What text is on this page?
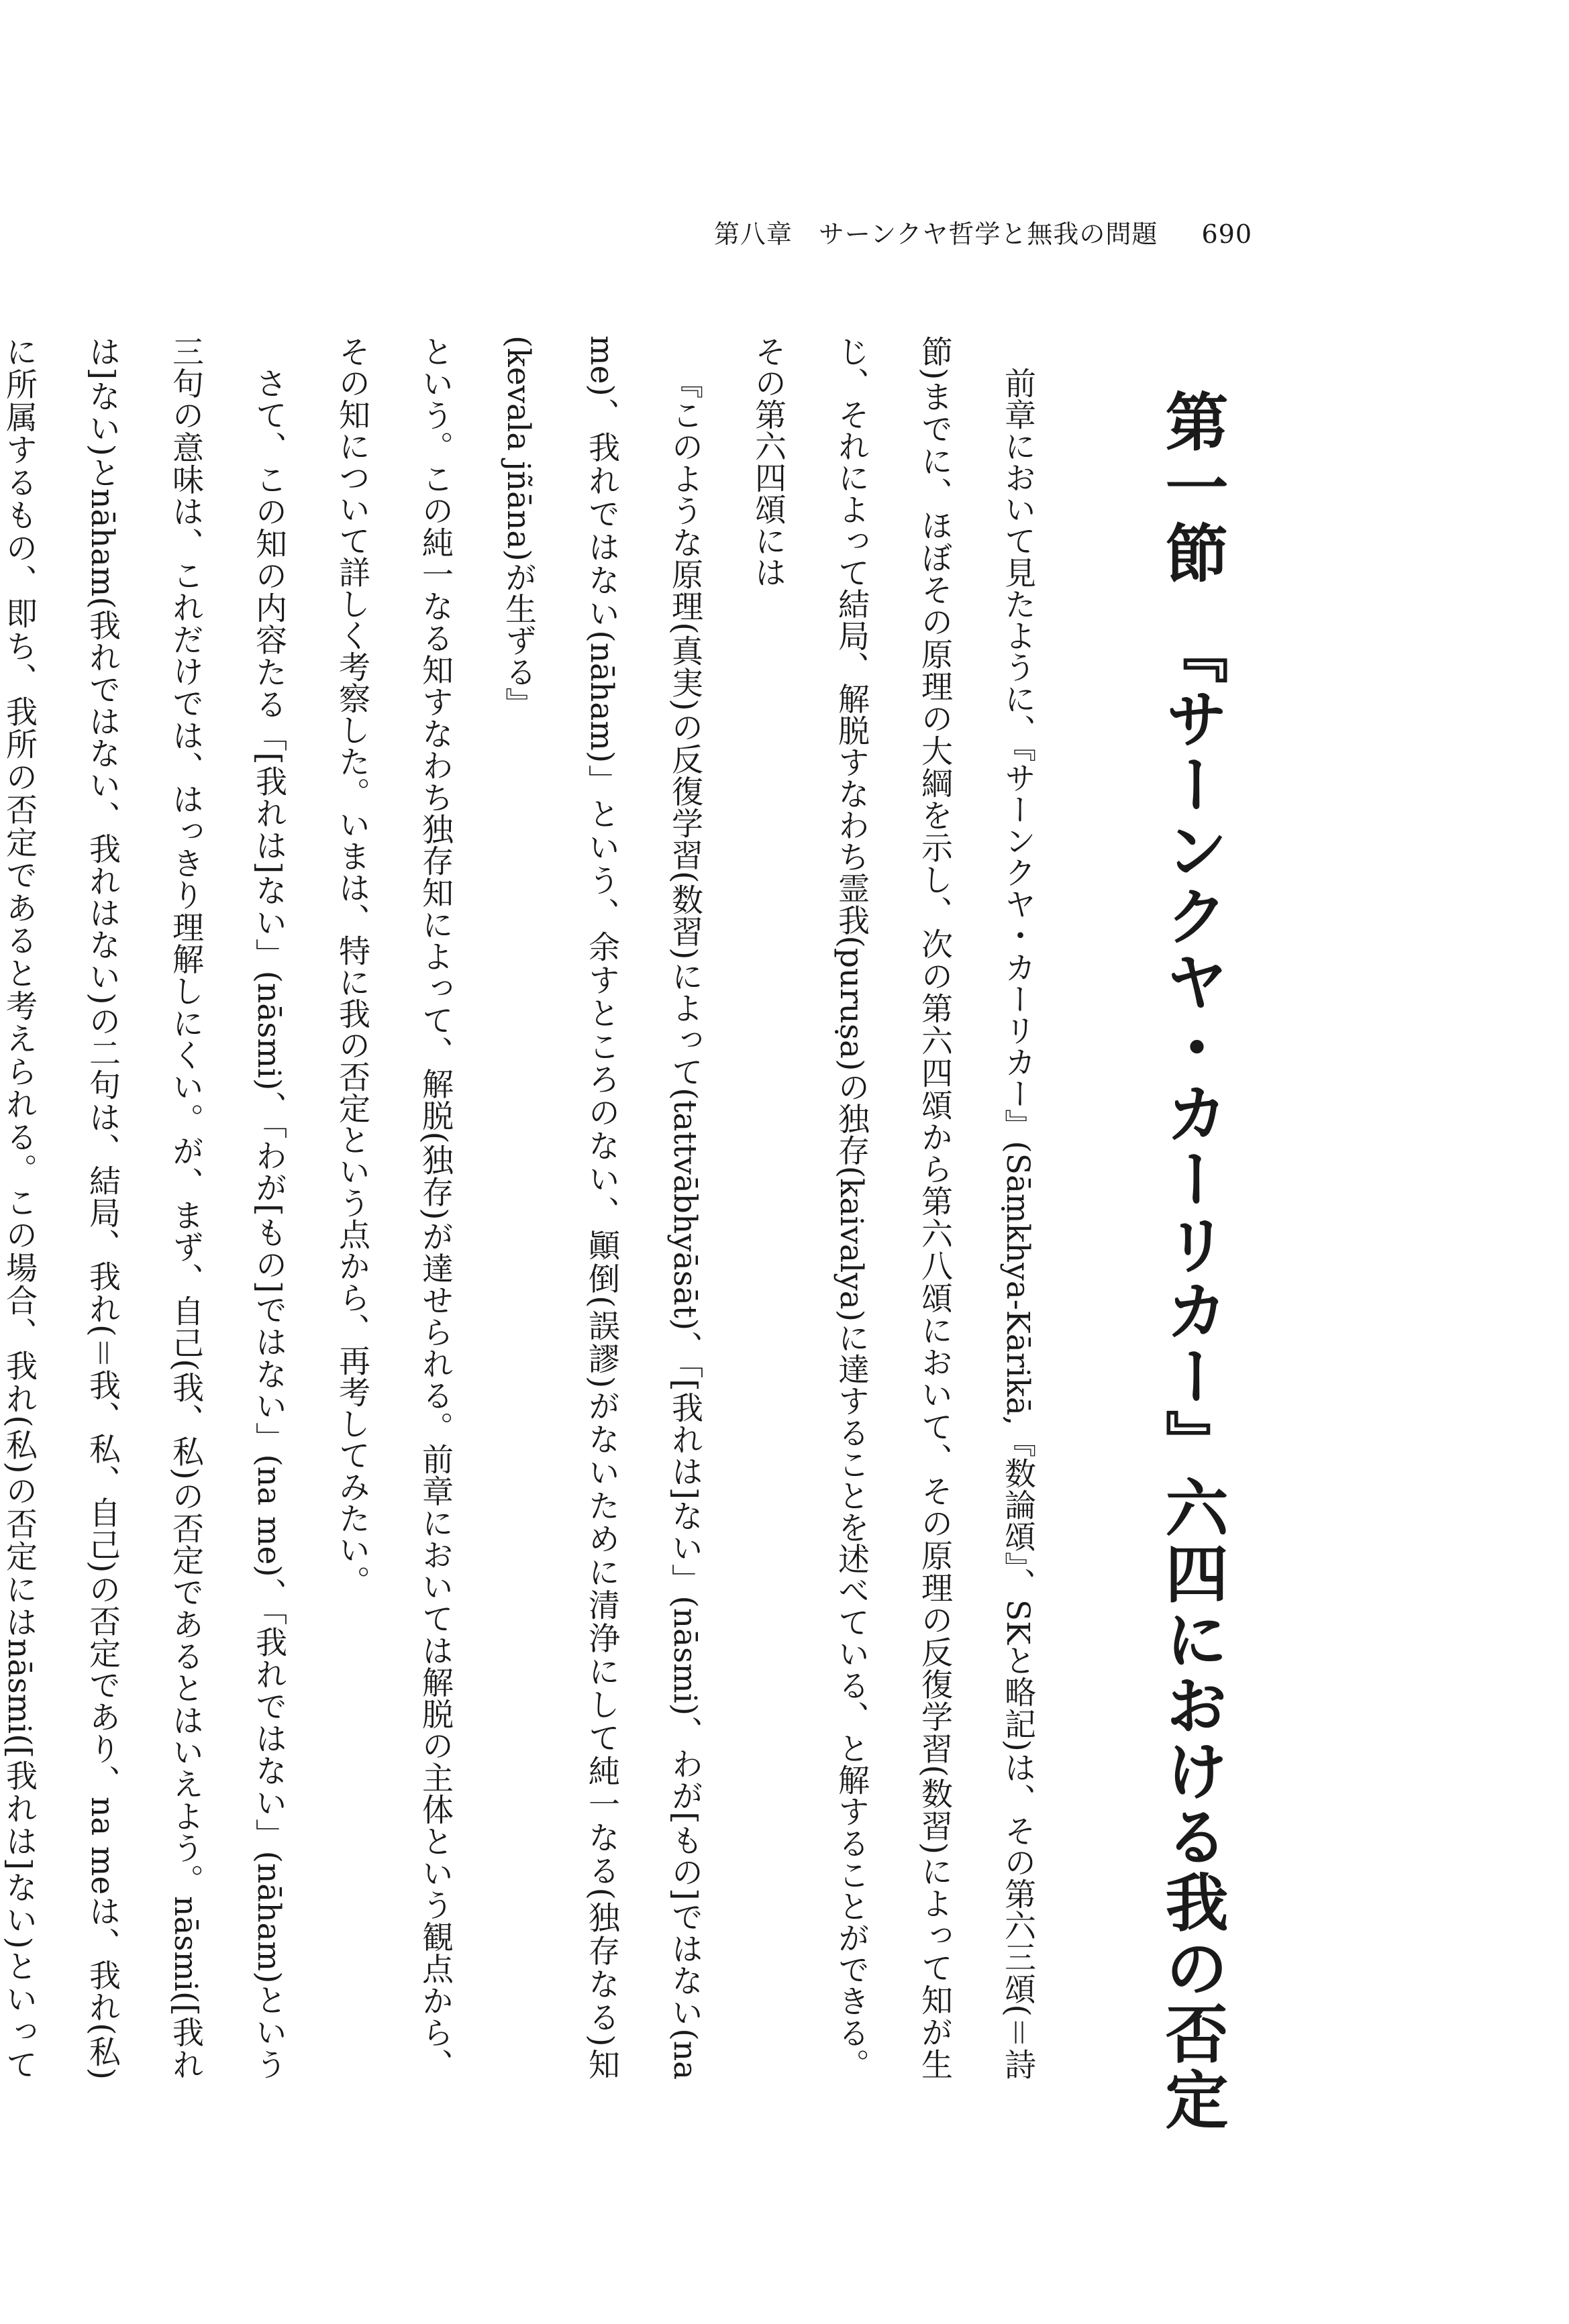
第八章　サーンクヤ哲学と無我の問題 690
第一節　『サーンクヤ・カーリカー』六四における我の否定

前章において見たように、『サーンクヤ・カーリカー』(Sāṃkhya-Kārikā,『数論頌』、SKと略記)は、その第六三頌(＝詩節)までに、ほぼその原理の大綱を示し、次の第六四頌から第六八頌において、その原理の反復学習(数習)によって知が生じ、それによって結局、解脱すなわち霊我(puruṣa)の独存(kaivalya)に達することを述べている、と解することができる。その第六四頌には

『このような原理(真実)の反復学習(数習)によって(tattvābhyāsāt)、「[我れは]ない」(nāsmi)、わが[もの]ではない(na me)、我れではない(nāham)」という、余すところのない、顚倒(誤謬)がないために清浄にして純一なる(独存なる)知(kevala jñāna)が生ずる』

という。この純一なる知すなわち独存知によって、解脱(独存)が達せられる。前章においては解脱の主体という観点から、その知について詳しく考察した。いまは、特に我の否定という点から、再考してみたい。

さて、この知の内容たる「[我れは]ない」(nāsmi)、「わが[もの]ではない」(na me)、「我れではない」(nāham)という三句の意味は、これだけでは、はっきり理解しにくい。が、まず、自己(我、私)の否定であるとはいえよう。nāsmi([我れは]ない)とnāham(我れではない、我れはない)の二句は、結局、我れ(＝我、私、自己)の否定であり、na meは、我れ(私)に所属するもの、即ち、我所の否定であると考えられる。この場合、我れ(私)の否定にはnāsmi([我れは]ない)といって
